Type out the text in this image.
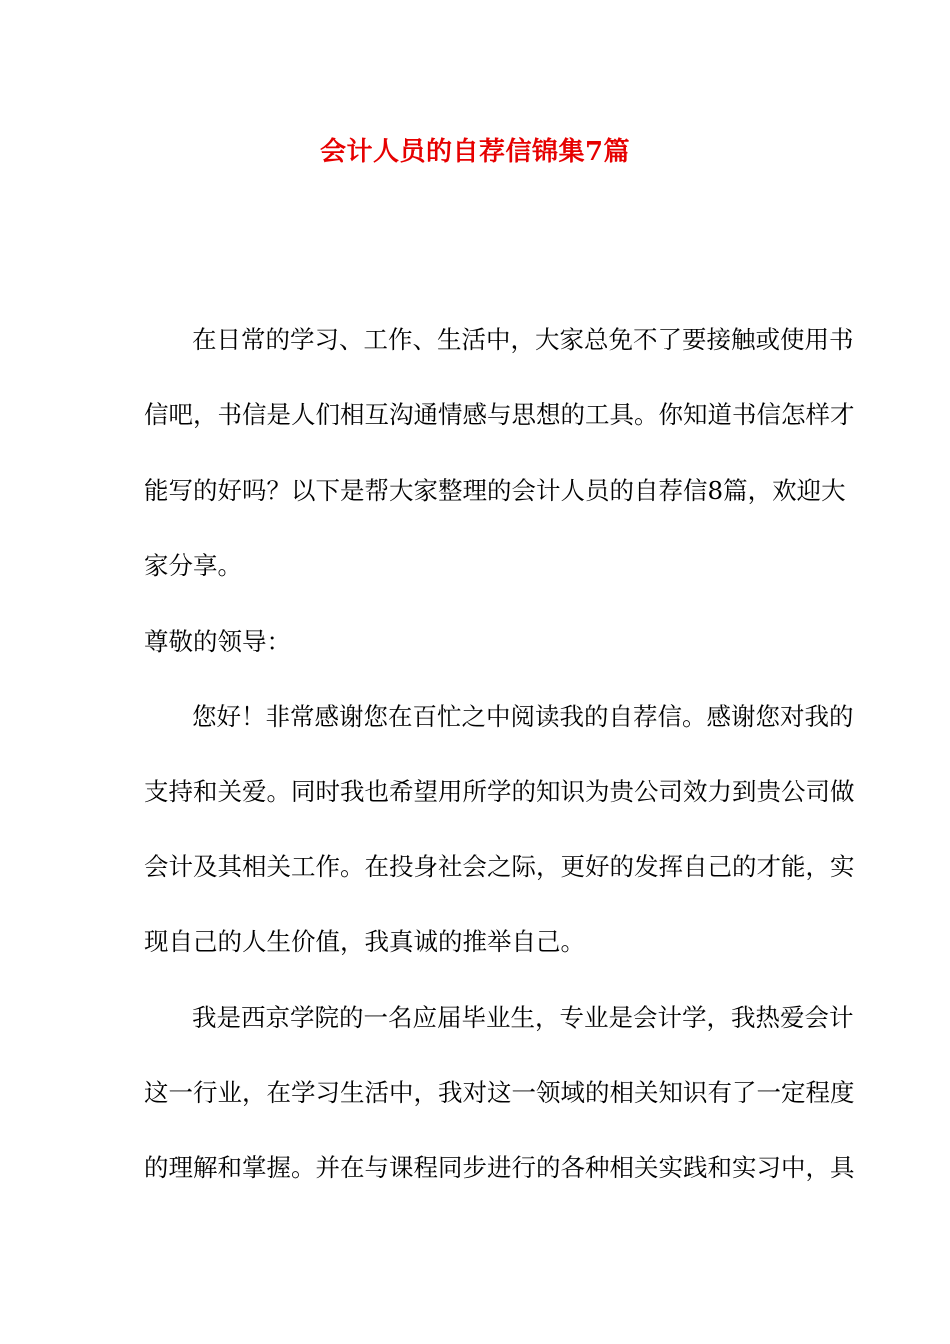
会计人员的自荐信锦集7篇
在日常的学习、工作、生活中，大家总免不了要接触或使用书
信吧，书信是人们相互沟通情感与思想的工具。你知道书信怎样才
能写的好吗？以下是帮大家整理的会计人员的自荐信8篇，欢迎大
家分享。
尊敬的领导：
您好！非常感谢您在百忙之中阅读我的自荐信。感谢您对我的
支持和关爱。同时我也希望用所学的知识为贵公司效力到贵公司做
会计及其相关工作。在投身社会之际，更好的发挥自己的才能，实
现自己的人生价值，我真诚的推举自己。
我是西京学院的一名应届毕业生，专业是会计学，我热爱会计
这一行业，在学习生活中，我对这一领域的相关知识有了一定程度
的理解和掌握。并在与课程同步进行的各种相关实践和实习中，具
